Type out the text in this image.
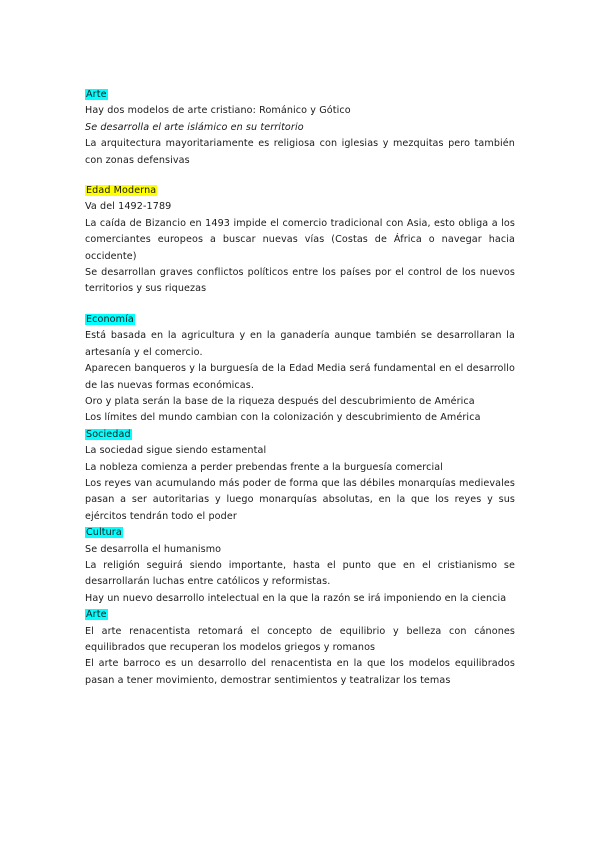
Arte

Hay dos modelos de arte cristiano: Románico y Gótico

Se desarrolla el arte islámico en su territorio

La arquitectura mayoritariamente es religiosa con iglesias y mezquitas pero también con zonas defensivas

Edad Moderna

Va del 1492-1789

La caída de Bizancio en 1493 impide el comercio tradicional con Asia, esto obliga a los comerciantes europeos a buscar nuevas vías (Costas de África o navegar hacia occidente)

Se desarrollan graves conflictos políticos entre los países por el control de los nuevos territorios y sus riquezas

Economía

Está basada en la agricultura y en la ganadería aunque también se desarrollaran la artesanía y el comercio.

Aparecen banqueros y la burguesía de la Edad Media será fundamental en el desarrollo de las nuevas formas económicas.

Oro y plata serán la base de la riqueza después del descubrimiento de América

Los límites del mundo cambian con la colonización y descubrimiento de América

Sociedad

La sociedad sigue siendo estamental

La nobleza comienza a perder prebendas frente a la burguesía comercial

Los reyes van acumulando más poder de forma que las débiles monarquías medievales pasan a ser autoritarias y luego monarquías absolutas, en la que los reyes y sus ejércitos tendrán todo el poder

Cultura

Se desarrolla el humanismo

La religión seguirá siendo importante, hasta el punto que en el cristianismo se desarrollarán luchas entre católicos y reformistas.

Hay un nuevo desarrollo intelectual en la que la razón se irá imponiendo en la ciencia

Arte

El arte renacentista retomará el concepto de equilibrio y belleza con cánones equilibrados que recuperan los modelos griegos y romanos

El arte barroco es un desarrollo del renacentista en la que los modelos equilibrados pasan a tener movimiento, demostrar sentimientos y teatralizar los temas
